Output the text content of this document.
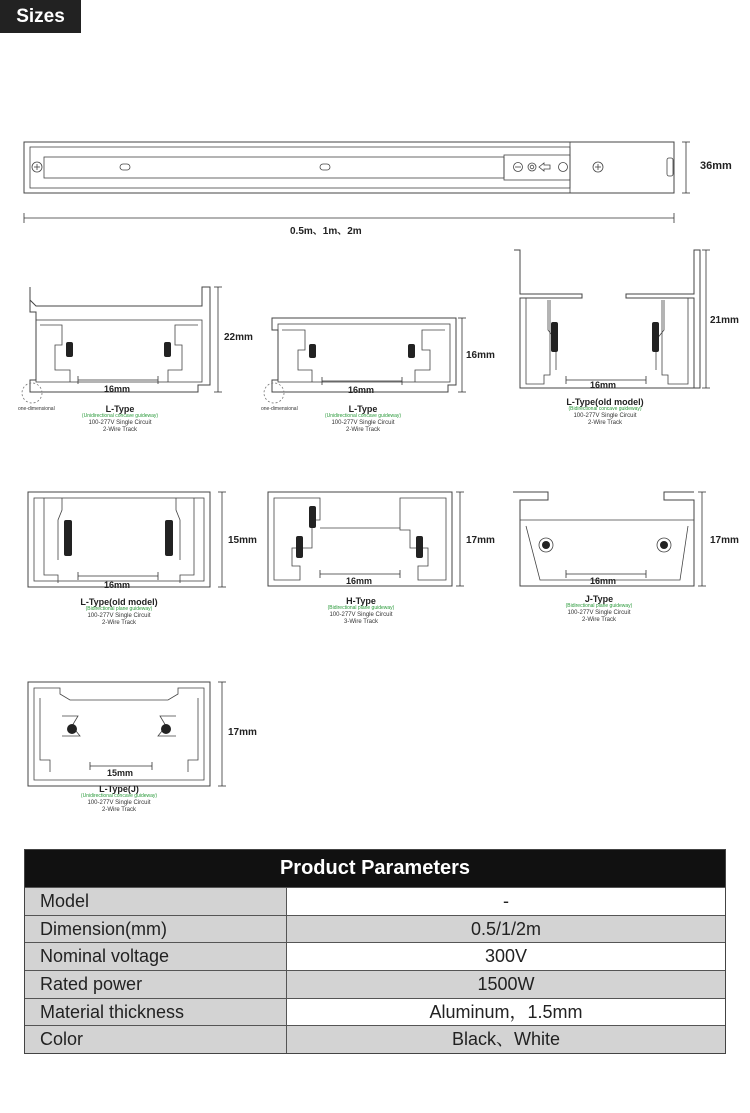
Sizes
36mm
0.5m、1m、2m
16mm
22mm
one-dimensional	L-Type
(Unidirectional concave guideway)
100-277V Single Circuit
2-Wire Track
16mm
16mm
one-dimensional	L-Type
(Unidirectional concave guideway)
100-277V Single Circuit
2-Wire Track
16mm
21mm
L-Type(old model)
(Bidirectional concave guideway)
100-277V Single Circuit
2-Wire Track
16mm
15mm
L-Type(old model)
(Bidirectional plane guideway)
100-277V Single Circuit
2-Wire Track
16mm
17mm
H-Type
(Bidirectional plane guideway)
100-277V Single Circuit
3-Wire Track
16mm
17mm
J-Type
(Bidirectional plane guideway)
100-277V Single Circuit
2-Wire Track
15mm
17mm
L-Type(J)
(Unidirectional concave guideway)
100-277V Single Circuit
2-Wire Track
Product Parameters
Model	-
Dimension(mm)	0.5/1/2m
Nominal voltage	300V
Rated power	1500W
Material thickness	Aluminum，1.5mm
Color	Black、White
